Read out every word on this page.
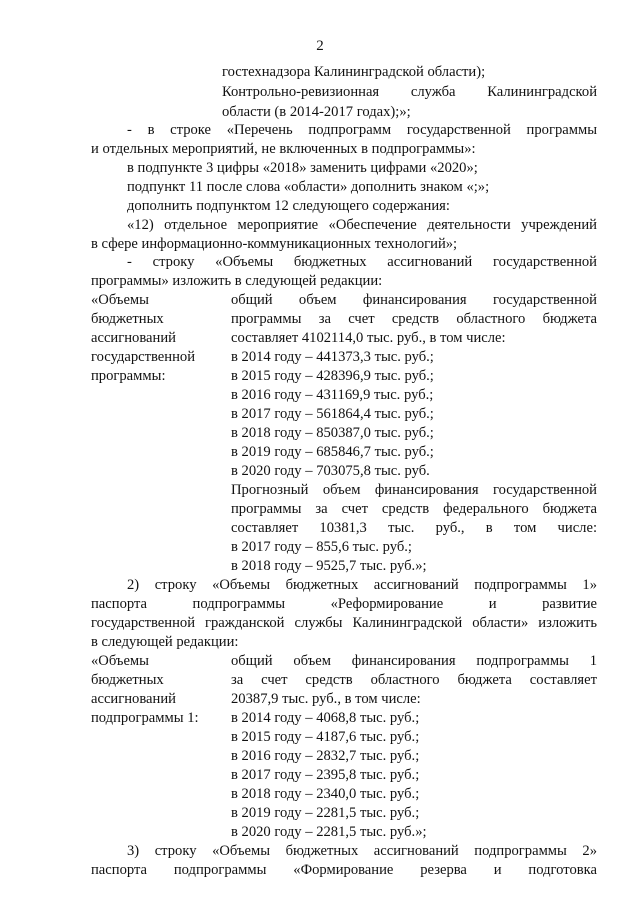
2
гостехнадзора Калининградской области);
Контрольно-ревизионная служба Калининградской
области (в 2014-2017 годах);»;
- в строке «Перечень подпрограмм государственной программы
и отдельных мероприятий, не включенных в подпрограммы»:
в подпункте 3 цифры «2018» заменить цифрами «2020»;
подпункт 11 после слова «области» дополнить знаком «;»;
дополнить подпунктом 12 следующего содержания:
«12) отдельное мероприятие «Обеспечение деятельности учреждений
в сфере информационно-коммуникационных технологий»;
- строку «Объемы бюджетных ассигнований государственной
программы» изложить в следующей редакции:
«Объемы
бюджетных
ассигнований
государственной
программы:
общий объем финансирования государственной
программы за счет средств областного бюджета
составляет 4102114,0 тыс. руб., в том числе:
в 2014 году – 441373,3 тыс. руб.;
в 2015 году – 428396,9 тыс. руб.;
в 2016 году – 431169,9 тыс. руб.;
в 2017 году – 561864,4 тыс. руб.;
в 2018 году – 850387,0 тыс. руб.;
в 2019 году – 685846,7 тыс. руб.;
в 2020 году – 703075,8 тыс. руб.
Прогнозный объем финансирования государственной
программы за счет средств федерального бюджета
составляет 10381,3 тыс. руб., в том числе:
в 2017 году – 855,6 тыс. руб.;
в 2018 году – 9525,7 тыс. руб.»;
2) строку «Объемы бюджетных ассигнований подпрограммы 1»
паспорта подпрограммы «Реформирование и развитие
государственной гражданской службы Калининградской области» изложить
в следующей редакции:
«Объемы
бюджетных
ассигнований
подпрограммы 1:
общий объем финансирования подпрограммы 1
за счет средств областного бюджета составляет
20387,9 тыс. руб., в том числе:
в 2014 году – 4068,8 тыс. руб.;
в 2015 году – 4187,6 тыс. руб.;
в 2016 году – 2832,7 тыс. руб.;
в 2017 году – 2395,8 тыс. руб.;
в 2018 году – 2340,0 тыс. руб.;
в 2019 году – 2281,5 тыс. руб.;
в 2020 году – 2281,5 тыс. руб.»;
3) строку «Объемы бюджетных ассигнований подпрограммы 2»
паспорта подпрограммы «Формирование резерва и подготовка
